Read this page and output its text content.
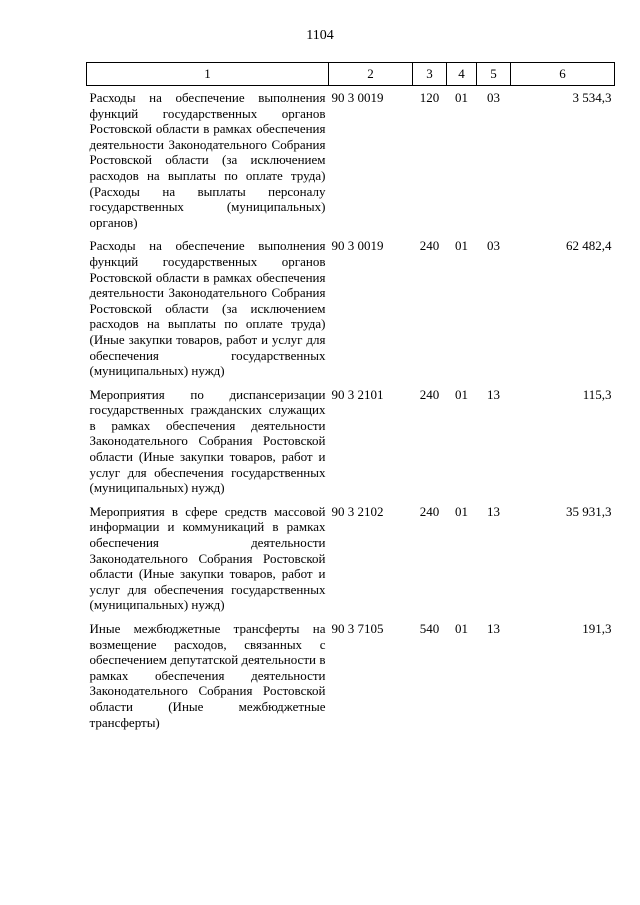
1104
1	2	3	4	5	6
Расходы на обеспечение выполнения функций государственных органов Ростовской области в рамках обеспечения деятельности Законодательного Собрания Ростовской области (за исключением расходов на выплаты по оплате труда) (Расходы на выплаты персоналу государственных (муниципальных) органов)	90 3 0019	120	01	03	3 534,3
Расходы на обеспечение выполнения функций государственных органов Ростовской области в рамках обеспечения деятельности Законодательного Собрания Ростовской области (за исключением расходов на выплаты по оплате труда) (Иные закупки товаров, работ и услуг для обеспечения государственных (муниципальных) нужд)	90 3 0019	240	01	03	62 482,4
Мероприятия по диспансеризации государственных гражданских служащих в рамках обеспечения деятельности Законодательного Собрания Ростовской области (Иные закупки товаров, работ и услуг для обеспечения государственных (муниципальных) нужд)	90 3 2101	240	01	13	115,3
Мероприятия в сфере средств массовой информации и коммуникаций в рамках обеспечения деятельности Законодательного Собрания Ростовской области (Иные закупки товаров, работ и услуг для обеспечения государственных (муниципальных) нужд)	90 3 2102	240	01	13	35 931,3
Иные межбюджетные трансферты на возмещение расходов, связанных с обеспечением депутатской деятельности в рамках обеспечения деятельности Законодательного Собрания Ростовской области (Иные межбюджетные трансферты)	90 3 7105	540	01	13	191,3
